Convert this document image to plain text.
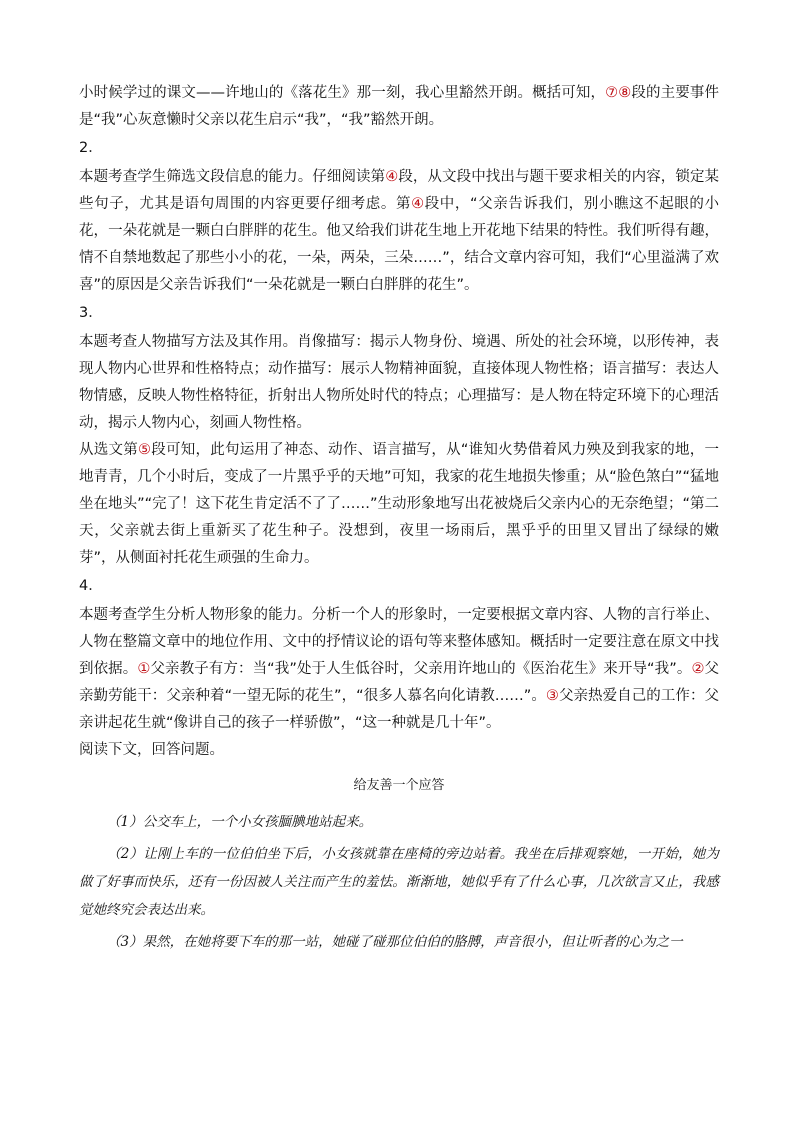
小时候学过的课文——许地山的《落花生》那一刻，我心里豁然开朗。概括可知，⑦⑧段的主要事件是“我”心灰意懒时父亲以花生启示“我”，“我”豁然开朗。

2．

本题考查学生筛选文段信息的能力。仔细阅读第④段，从文段中找出与题干要求相关的内容，锁定某些句子，尤其是语句周围的内容更要仔细考虑。第④段中，“父亲告诉我们，别小瞧这不起眼的小花，一朵花就是一颗白白胖胖的花生。他又给我们讲花生地上开花地下结果的特性。我们听得有趣，情不自禁地数起了那些小小的花，一朵，两朵，三朵……”，结合文章内容可知，我们“心里溢满了欢喜”的原因是父亲告诉我们“一朵花就是一颗白白胖胖的花生”。

3．

本题考查人物描写方法及其作用。肖像描写：揭示人物身份、境遇、所处的社会环境，以形传神，表现人物内心世界和性格特点；动作描写：展示人物精神面貌，直接体现人物性格；语言描写：表达人物情感，反映人物性格特征，折射出人物所处时代的特点；心理描写：是人物在特定环境下的心理活动，揭示人物内心，刻画人物性格。

从选文第⑤段可知，此句运用了神态、动作、语言描写，从“谁知火势借着风力殃及到我家的地，一地青青，几个小时后，变成了一片黑乎乎的天地”可知，我家的花生地损失惨重；从“脸色煞白”“猛地坐在地头”“完了！这下花生肯定活不了了……”生动形象地写出花被烧后父亲内心的无奈绝望；“第二天，父亲就去街上重新买了花生种子。没想到，夜里一场雨后，黑乎乎的田里又冒出了绿绿的嫩芽”，从侧面衬托花生顽强的生命力。

4．

本题考查学生分析人物形象的能力。分析一个人的形象时，一定要根据文章内容、人物的言行举止、人物在整篇文章中的地位作用、文中的抒情议论的语句等来整体感知。概括时一定要注意在原文中找到依据。①父亲教子有方：当“我”处于人生低谷时，父亲用许地山的《医治花生》来开导“我”。②父亲勤劳能干：父亲种着“一望无际的花生”，“很多人慕名向化请教……”。③父亲热爱自己的工作：父亲讲起花生就“像讲自己的孩子一样骄傲”，“这一种就是几十年”。

阅读下文，回答问题。

给友善一个应答

（1）公交车上，一个小女孩腼腆地站起来。

（2）让刚上车的一位伯伯坐下后，小女孩就靠在座椅的旁边站着。我坐在后排观察她，一开始，她为做了好事而快乐，还有一份因被人关注而产生的羞怯。渐渐地，她似乎有了什么心事，几次欲言又止，我感觉她终究会表达出来。

（3）果然，在她将要下车的那一站，她碰了碰那位伯伯的胳膊，声音很小，但让听者的心为之一
